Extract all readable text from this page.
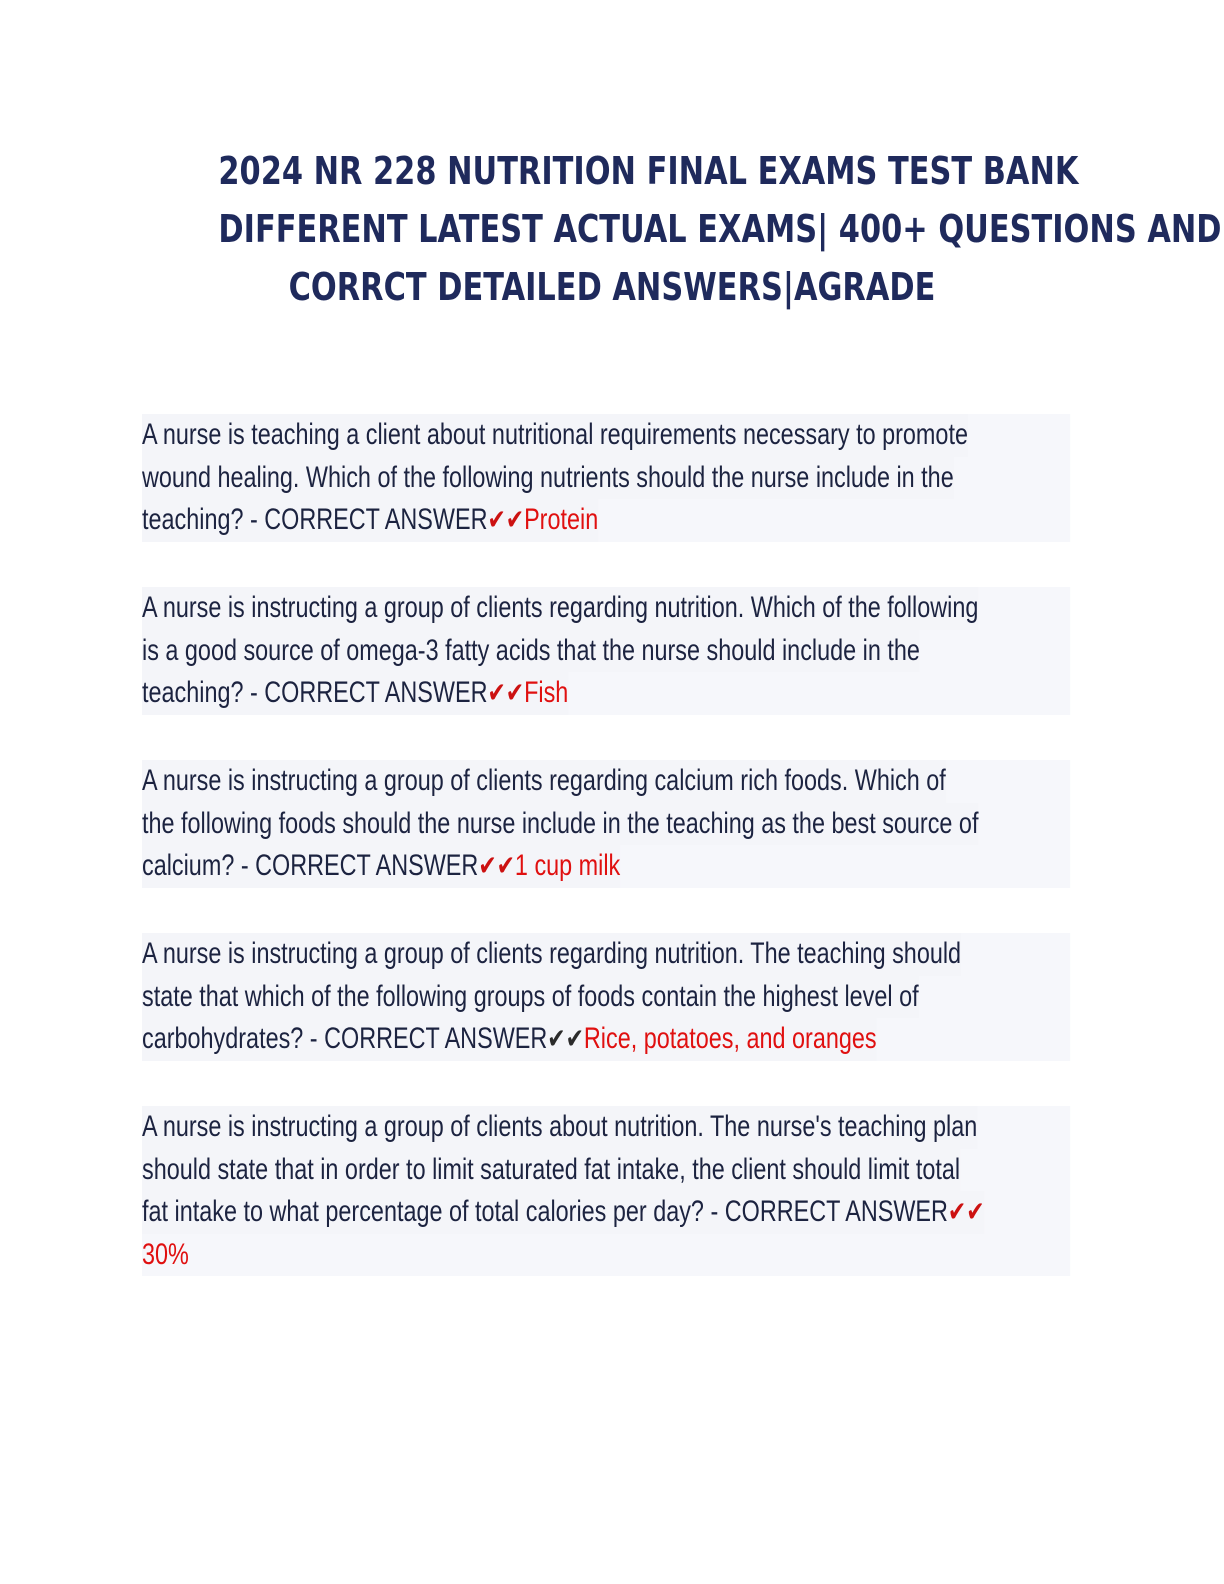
2024 NR 228 NUTRITION FINAL EXAMS TEST BANK
DIFFERENT LATEST ACTUAL EXAMS| 400+ QUESTIONS AND
CORRCT DETAILED ANSWERS|AGRADE
A nurse is teaching a client about nutritional requirements necessary to promote
wound healing. Which of the following nutrients should the nurse include in the
teaching? - CORRECT ANSWER✔✔Protein
A nurse is instructing a group of clients regarding nutrition. Which of the following
is a good source of omega-3 fatty acids that the nurse should include in the
teaching? - CORRECT ANSWER✔✔Fish
A nurse is instructing a group of clients regarding calcium rich foods. Which of
the following foods should the nurse include in the teaching as the best source of
calcium? - CORRECT ANSWER✔✔1 cup milk
A nurse is instructing a group of clients regarding nutrition. The teaching should
state that which of the following groups of foods contain the highest level of
carbohydrates? - CORRECT ANSWER✔✔Rice, potatoes, and oranges
A nurse is instructing a group of clients about nutrition. The nurse's teaching plan
should state that in order to limit saturated fat intake, the client should limit total
fat intake to what percentage of total calories per day? - CORRECT ANSWER✔✔
30%
